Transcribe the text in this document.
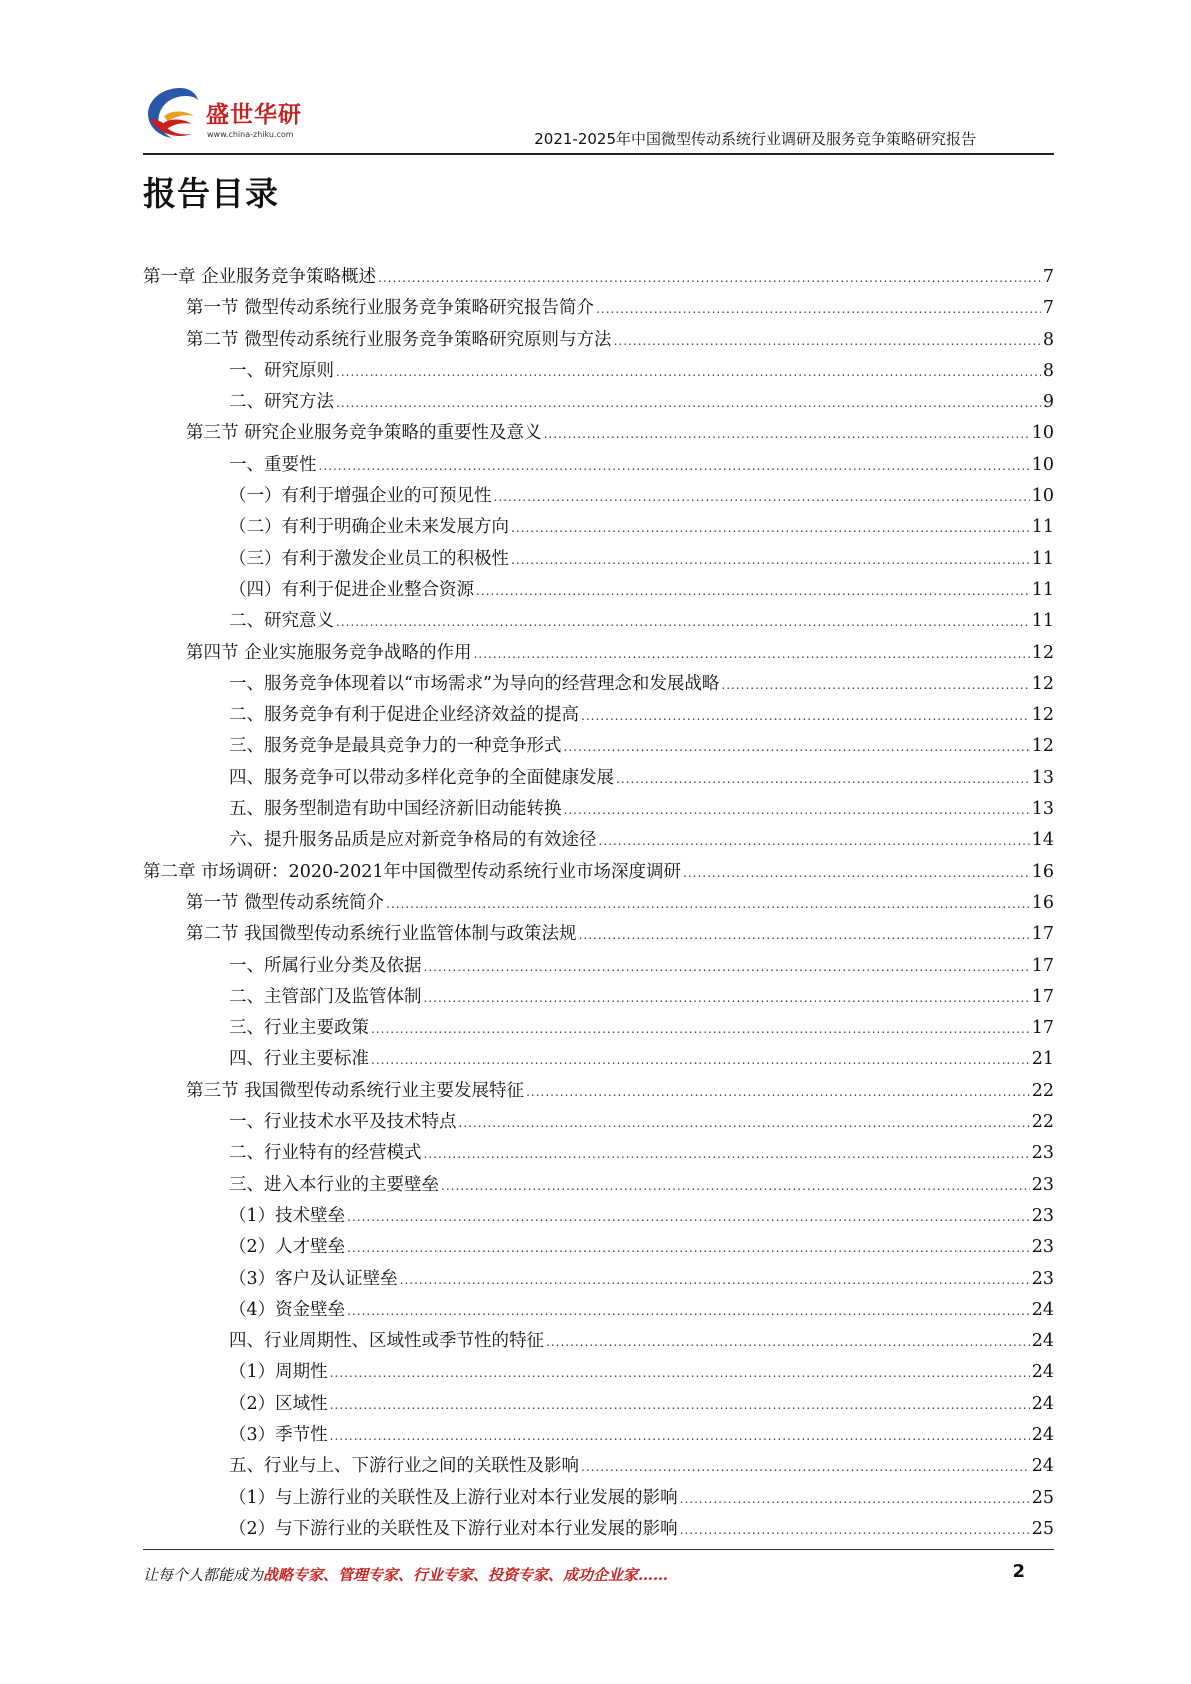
盛世华研
www.china-zhiku.com	2021-2025年中国微型传动系统行业调研及服务竞争策略研究报告
报告目录
第一章 企业服务竞争策略概述 .....	7
第一节 微型传动系统行业服务竞争策略研究报告简介 .....	7
第二节 微型传动系统行业服务竞争策略研究原则与方法 .....	8
一、研究原则 .....	8
二、研究方法 .....	9
第三节 研究企业服务竞争策略的重要性及意义 .....	10
一、重要性 .....	10
（一）有利于增强企业的可预见性 .....	10
（二）有利于明确企业未来发展方向 .....	11
（三）有利于激发企业员工的积极性 .....	11
（四）有利于促进企业整合资源 .....	11
二、研究意义 .....	11
第四节 企业实施服务竞争战略的作用 .....	12
一、服务竞争体现着以“市场需求”为导向的经营理念和发展战略 .....	12
二、服务竞争有利于促进企业经济效益的提高 .....	12
三、服务竞争是最具竞争力的一种竞争形式 .....	12
四、服务竞争可以带动多样化竞争的全面健康发展 .....	13
五、服务型制造有助中国经济新旧动能转换 .....	13
六、提升服务品质是应对新竞争格局的有效途径 .....	14
第二章 市场调研：2020-2021年中国微型传动系统行业市场深度调研 .....	16
第一节 微型传动系统简介 .....	16
第二节 我国微型传动系统行业监管体制与政策法规 .....	17
一、所属行业分类及依据 .....	17
二、主管部门及监管体制 .....	17
三、行业主要政策 .....	17
四、行业主要标准 .....	21
第三节 我国微型传动系统行业主要发展特征 .....	22
一、行业技术水平及技术特点 .....	22
二、行业特有的经营模式 .....	23
三、进入本行业的主要壁垒 .....	23
（1）技术壁垒 .....	23
（2）人才壁垒 .....	23
（3）客户及认证壁垒 .....	23
（4）资金壁垒 .....	24
四、行业周期性、区域性或季节性的特征 .....	24
（1）周期性 .....	24
（2）区域性 .....	24
（3）季节性 .....	24
五、行业与上、下游行业之间的关联性及影响 .....	24
（1）与上游行业的关联性及上游行业对本行业发展的影响 .....	25
（2）与下游行业的关联性及下游行业对本行业发展的影响 .....	25
让每个人都能成为战略专家、管理专家、行业专家、投资专家、成功企业家……	2
